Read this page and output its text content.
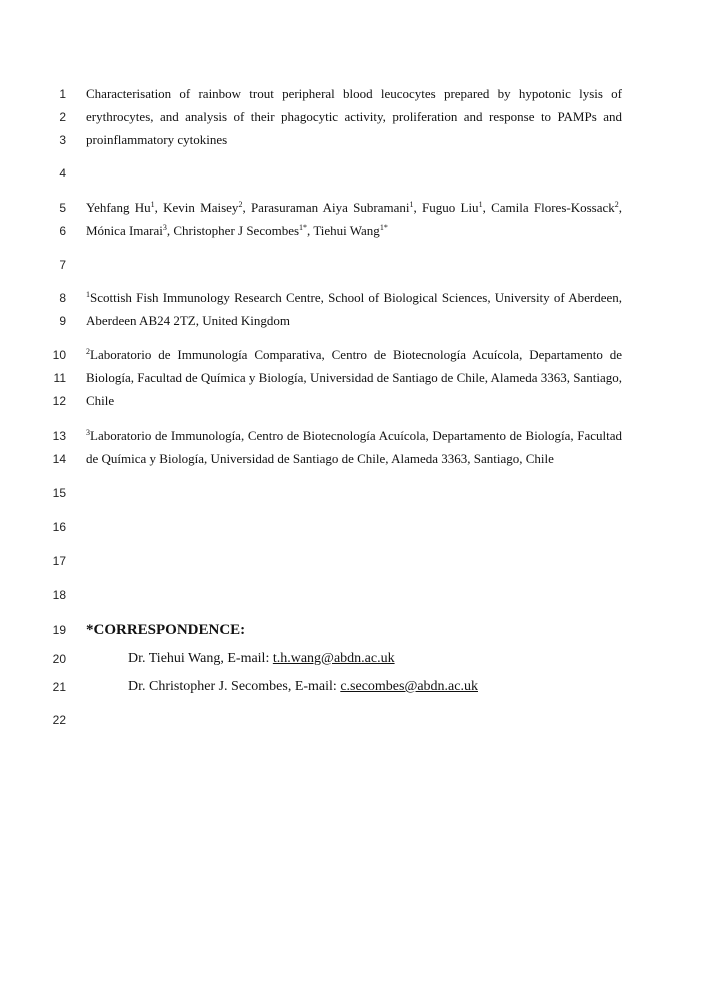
1 Characterisation of rainbow trout peripheral blood leucocytes prepared by hypotonic lysis of
2 erythrocytes, and analysis of their phagocytic activity, proliferation and response to PAMPs and
3 proinflammatory cytokines
4
5 Yehfang Hu$^1$, Kevin Maisey$^2$, Parasuraman Aiya Subramani$^1$, Fuguo Liu$^1$, Camila Flores-Kossack$^2$,
6 Mónica Imarai$^3$, Christopher J Secombes$^{1*}$, Tiehui Wang$^{1*}$
7
8	$^1$Scottish Fish Immunology Research Centre, School of Biological Sciences, University of Aberdeen,
9 Aberdeen AB24 2TZ, United Kingdom
10	$^2$Laboratorio de Immunología Comparativa, Centro de Biotecnología Acuícola, Departamento de
11 Biología, Facultad de Química y Biología, Universidad de Santiago de Chile, Alameda 3363, Santiago,
12 Chile
13	$^3$Laboratorio de Immunología, Centro de Biotecnología Acuícola, Departamento de Biología, Facultad
14 de Química y Biología, Universidad de Santiago de Chile, Alameda 3363, Santiago, Chile
15
16
17
18
19 *CORRESPONDENCE:
20	Dr. Tiehui Wang, E-mail: t.h.wang@abdn.ac.uk
21	Dr. Christopher J. Secombes, E-mail: c.secombes@abdn.ac.uk
22
